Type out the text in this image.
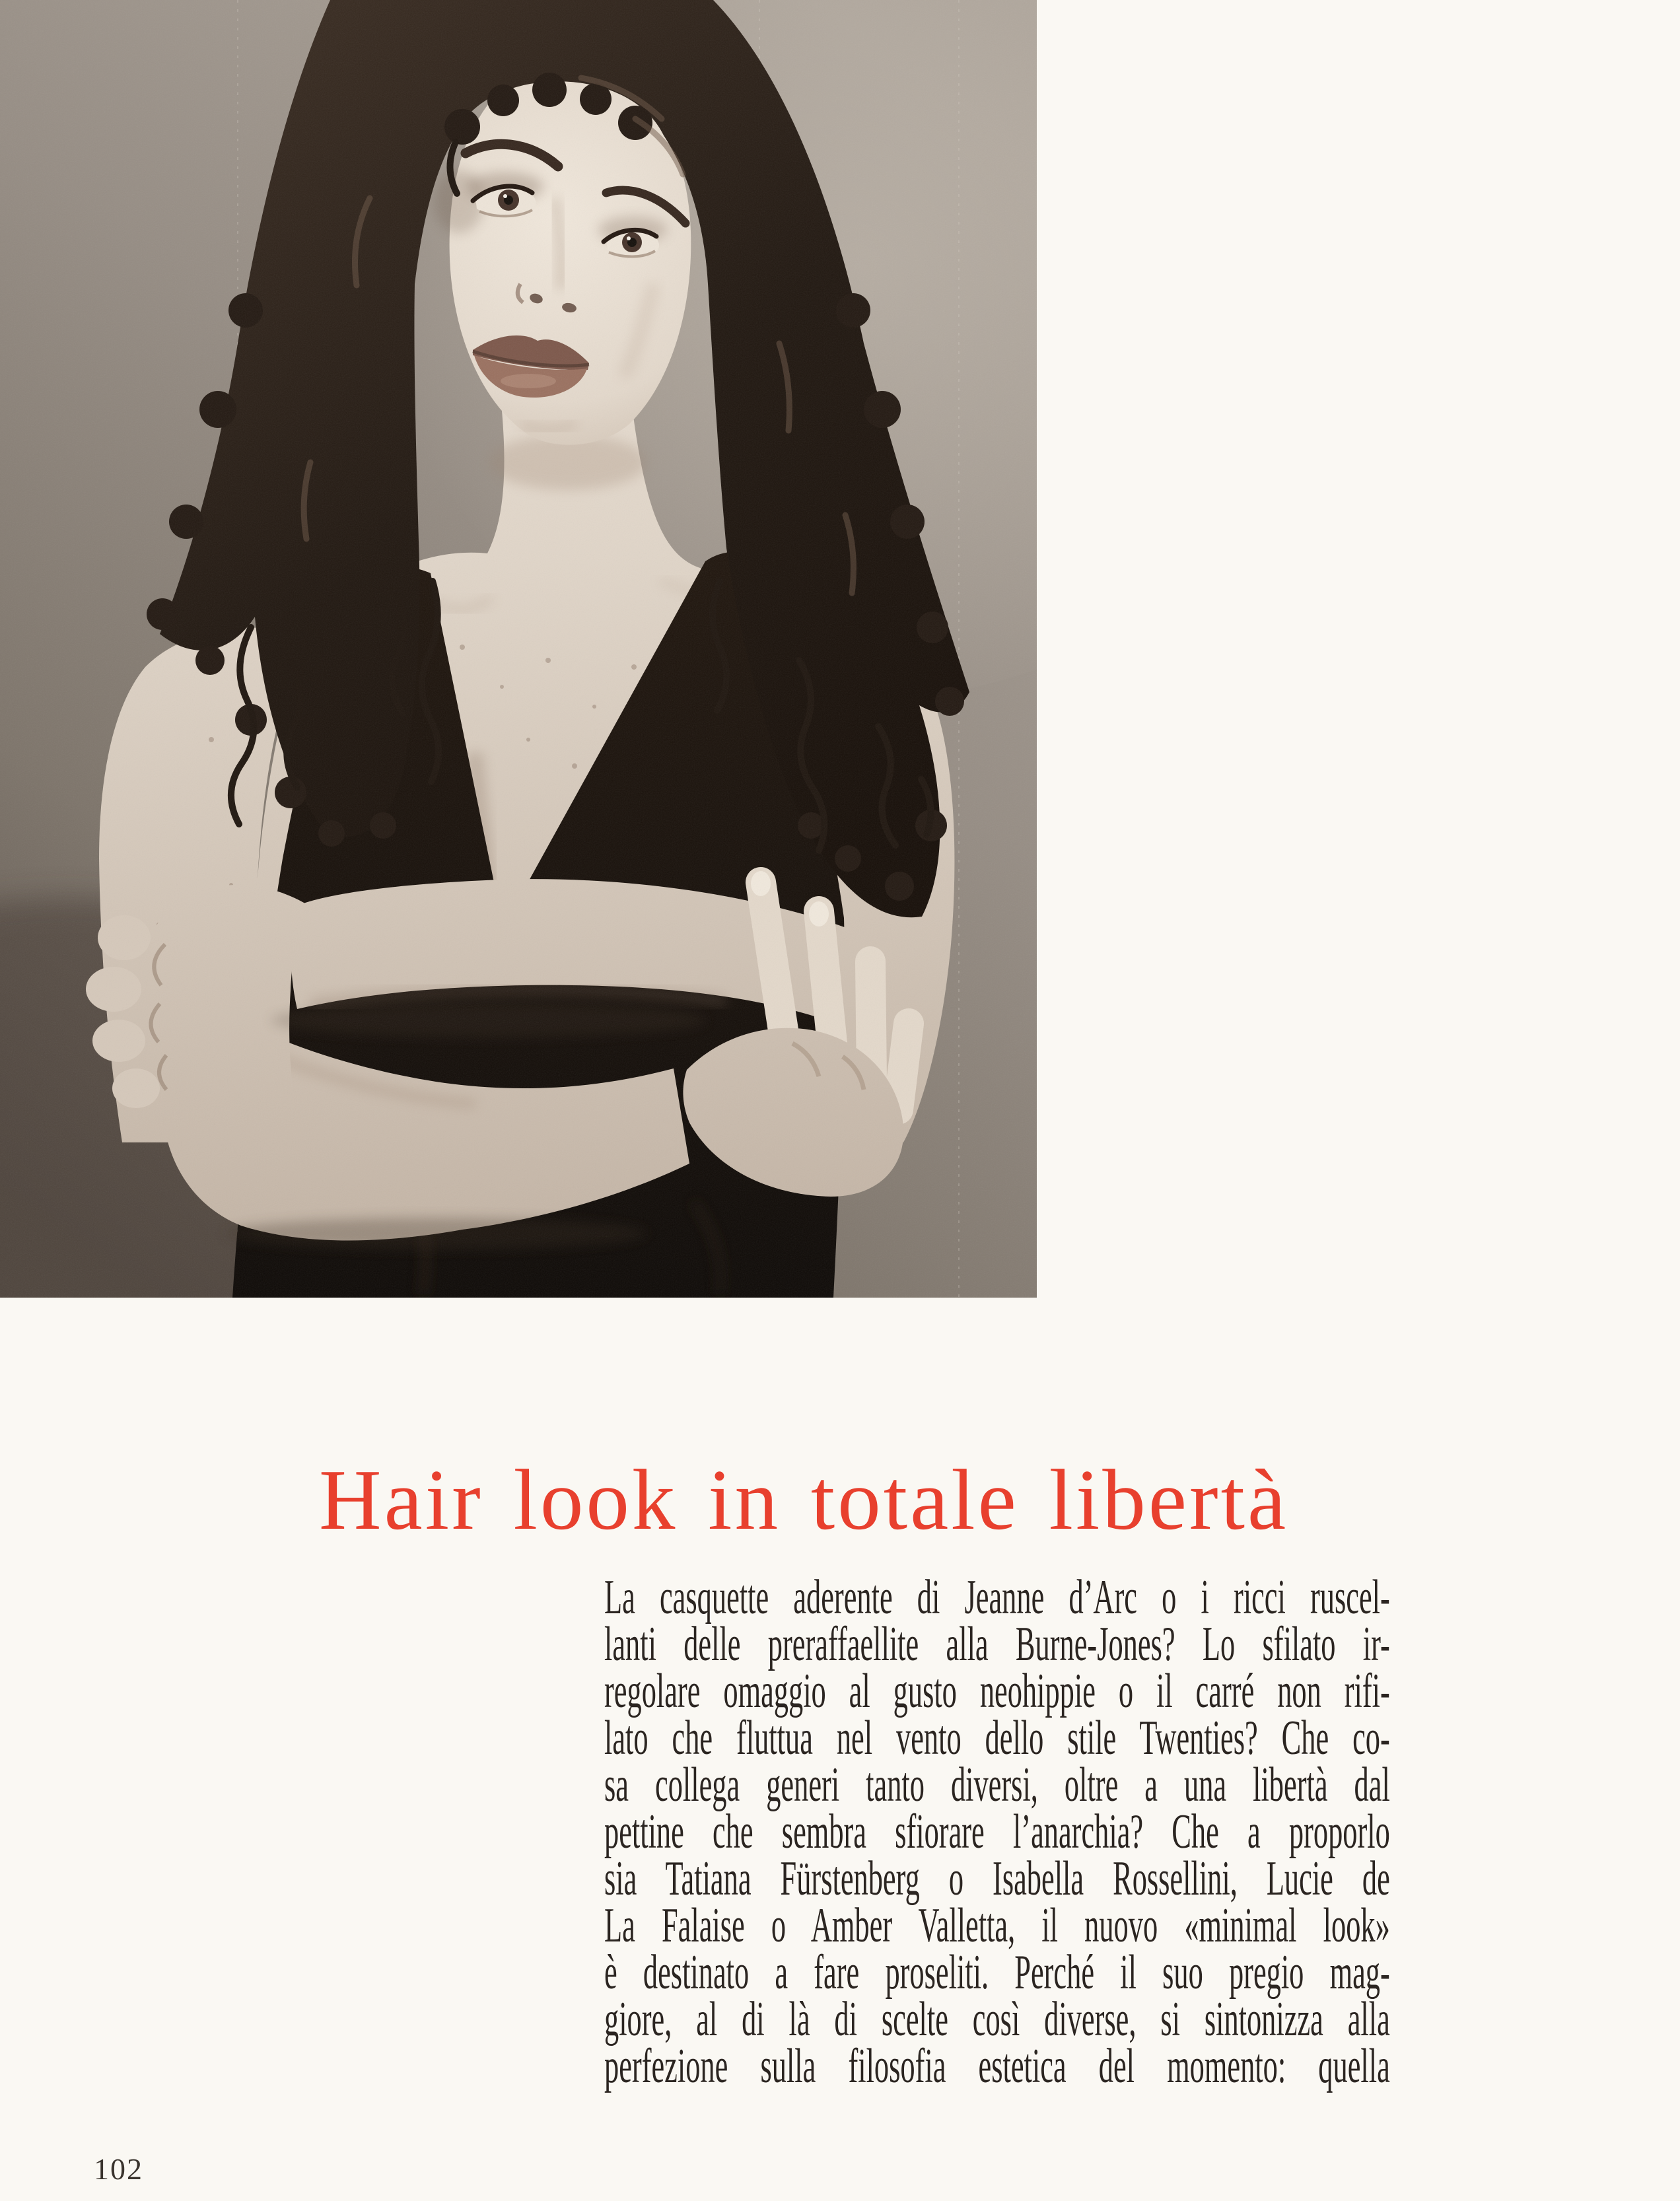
Hair look in totale libertà
La casquette aderente di Jeanne d’Arc o i ricci ruscel-
lanti delle preraffaellite alla Burne-Jones? Lo sfilato ir-
regolare omaggio al gusto neohippie o il carré non rifi-
lato che fluttua nel vento dello stile Twenties? Che co-
sa collega generi tanto diversi, oltre a una libertà dal
pettine che sembra sfiorare l’anarchia? Che a proporlo
sia Tatiana Fürstenberg o Isabella Rossellini, Lucie de
La Falaise o Amber Valletta, il nuovo «minimal look»
è destinato a fare proseliti. Perché il suo pregio mag-
giore, al di là di scelte così diverse, si sintonizza alla
perfezione sulla filosofia estetica del momento: quella
102
